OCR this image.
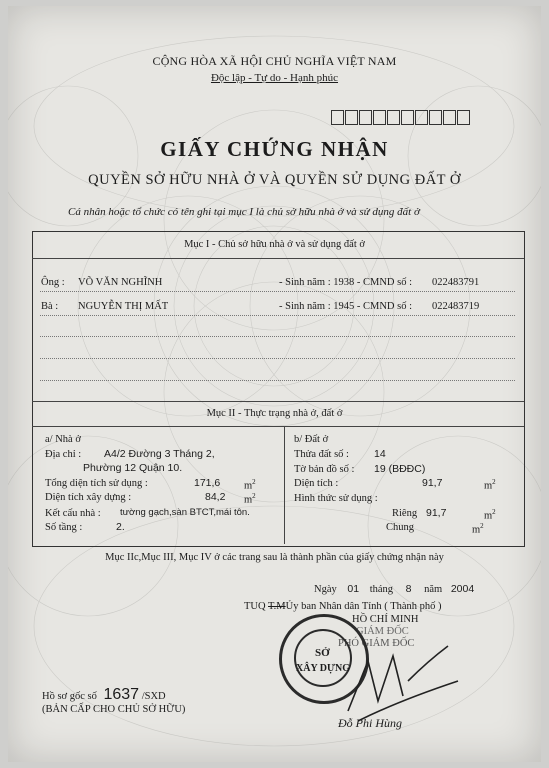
CỘNG HÒA XÃ HỘI CHỦ NGHĨA VIỆT NAM
Độc lập - Tự do - Hạnh phúc
GIẤY CHỨNG NHẬN
QUYỀN SỞ HỮU NHÀ Ở VÀ QUYỀN SỬ DỤNG ĐẤT Ở
Cá nhân hoặc tổ chức có tên ghi tại mục I là chủ sở hữu nhà ở và sử dụng đất ở
Mục I - Chủ sở hữu nhà ở và sử dụng đất ở
Ông : VÕ VĂN NGHĨNH	- Sinh năm : 1938 - CMND số : 022483791
Bà : NGUYỄN THỊ MẤT	- Sinh năm : 1945 - CMND số : 022483719
Mục II - Thực trạng nhà ở, đất ở
a/ Nhà ở
Địa chỉ : A4/2 Đường 3 Tháng 2,
Phường 12 Quận 10.
Tổng diện tích sử dụng :	171,6 $m^2$
Diện tích xây dựng :	84,2 $m^2$
Kết cấu nhà : tường gạch,sàn BTCT,mái tôn.
Số tầng :	2.
b/ Đất ở
Thửa đất số : 14
Tờ bản đồ số : 19 (BĐĐC)
Diện tích :	91,7	$m^2$
Hình thức sử dụng :
Riêng 91,7	$m^2$
Chung	$m^2$
Mục IIc,Mục III, Mục IV ở các trang sau là thành phần của giấy chứng nhận này
Ngày 01 tháng 8 năm 2004
TUQ T.MỦy ban Nhân dân Tỉnh ( Thành phố )
HỒ CHÍ MINH
GIÁM ĐỐC
PHÓ GIÁM ĐỐC
SỞ
XÂY DỰNG
Đỗ Phi Hùng
Hồ sơ gốc số 1637 /SXD
(BẢN CẤP CHO CHỦ SỞ HỮU)
